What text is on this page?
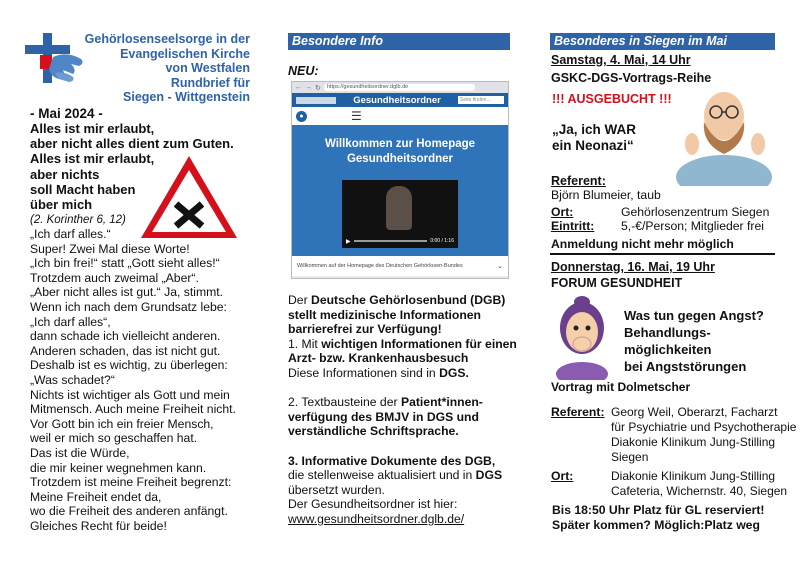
Gehörlosenseelsorge in der
Evangelischen Kirche
von Westfalen
Rundbrief für
Siegen - Wittgenstein
- Mai 2024 -
Alles ist mir erlaubt,
aber nicht alles dient zum Guten.
Alles ist mir erlaubt,
aber nichts
soll Macht haben
über mich
(2. Korinther 6, 12)
„Ich darf alles.“
Super! Zwei Mal diese Worte!
„Ich bin frei!“ statt „Gott sieht alles!“
Trotzdem auch zweimal „Aber“.
„Aber nicht alles ist gut.“ Ja, stimmt.
Wenn ich nach dem Grundsatz lebe:
„Ich darf alles“,
dann schade ich vielleicht anderen.
Anderen schaden, das ist nicht gut.
Deshalb ist es wichtig, zu überlegen:
„Was schadet?“
Nichts ist wichtiger als Gott und mein
Mitmensch. Auch meine Freiheit nicht.
Vor Gott bin ich ein freier Mensch,
weil er mich so geschaffen hat.
Das ist die Würde,
die mir keiner wegnehmen kann.
Trotzdem ist meine Freiheit begrenzt:
Meine Freiheit endet da,
wo die Freiheit des anderen anfängt.
Gleiches Recht für beide!
Besondere Info
NEU:
← → ↻	https://gesundheitsordner.dglb.de
Gesundheitsordner	Seite finden...
●	☰
Willkommen zur Homepage
Gesundheitsordner
▶	0:00 / 1:16
Willkommen auf der Homepage des Deutschen Gehörlosen-Bundes	⌄
Der Deutsche Gehörlosenbund (DGB) stellt medizinische Informationen barrierefrei zur Verfügung!
1. Mit wichtigen Informationen für einen Arzt- bzw. Krankenhausbesuch
Diese Informationen sind in DGS.
2. Textbausteine der Patient*innen-verfügung des BMJV in DGS und verständliche Schriftsprache.
3. Informative Dokumente des DGB,
die stellenweise aktualisiert und in DGS
übersetzt wurden.
Der Gesundheitsordner ist hier:
www.gesundheitsordner.dglb.de/
Besonderes in Siegen im Mai
Samstag, 4. Mai, 14 Uhr
GSKC-DGS-Vortrags-Reihe
!!! AUSGEBUCHT !!!
„Ja, ich WAR
ein Neonazi“
Referent:
Björn Blumeier, taub
Ort:	Gehörlosenzentrum Siegen
Eintritt: 5,-€/Person; Mitglieder frei
Anmeldung nicht mehr möglich
Donnerstag, 16. Mai, 19 Uhr
FORUM GESUNDHEIT
Was tun gegen Angst?
Behandlungs-
möglichkeiten
bei Angststörungen
Vortrag mit Dolmetscher
Referent: Georg Weil, Oberarzt, Facharzt
für Psychiatrie und Psychotherapie
Diakonie Klinikum Jung-Stilling
Siegen
Ort:	Diakonie Klinikum Jung-Stilling
Cafeteria, Wichernstr. 40, Siegen
Bis 18:50 Uhr Platz für GL reserviert!
Später kommen? Möglich:Platz weg
